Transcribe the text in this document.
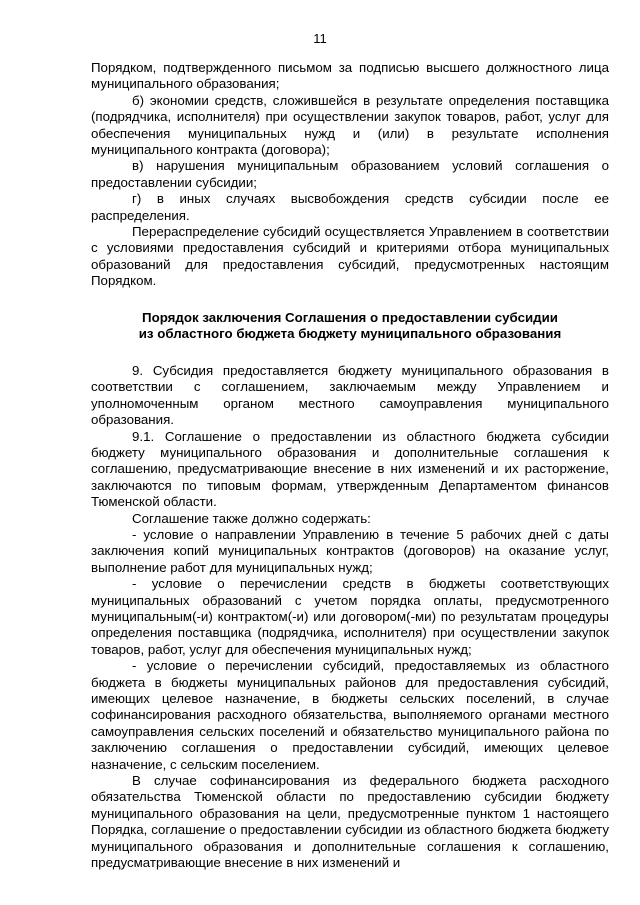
11

Порядком, подтвержденного письмом за подписью высшего должностного лица муниципального образования;

б) экономии средств, сложившейся в результате определения поставщика (подрядчика, исполнителя) при осуществлении закупок товаров, работ, услуг для обеспечения муниципальных нужд и (или) в результате исполнения муниципального контракта (договора);

в) нарушения муниципальным образованием условий соглашения о предоставлении субсидии;

г) в иных случаях высвобождения средств субсидии после ее распределения.

Перераспределение субсидий осуществляется Управлением в соответствии с условиями предоставления субсидий и критериями отбора муниципальных образований для предоставления субсидий, предусмотренных настоящим Порядком.

Порядок заключения Соглашения о предоставлении субсидии
из областного бюджета бюджету муниципального образования

9. Субсидия предоставляется бюджету муниципального образования в соответствии с соглашением, заключаемым между Управлением и уполномоченным органом местного самоуправления муниципального образования.

9.1. Соглашение о предоставлении из областного бюджета субсидии бюджету муниципального образования и дополнительные соглашения к соглашению, предусматривающие внесение в них изменений и их расторжение, заключаются по типовым формам, утвержденным Департаментом финансов Тюменской области.

Соглашение также должно содержать:

- условие о направлении Управлению в течение 5 рабочих дней с даты заключения копий муниципальных контрактов (договоров) на оказание услуг, выполнение работ для муниципальных нужд;

- условие о перечислении средств в бюджеты соответствующих муниципальных образований с учетом порядка оплаты, предусмотренного муниципальным(-и) контрактом(-и) или договором(-ми) по результатам процедуры определения поставщика (подрядчика, исполнителя) при осуществлении закупок товаров, работ, услуг для обеспечения муниципальных нужд;

- условие о перечислении субсидий, предоставляемых из областного бюджета в бюджеты муниципальных районов для предоставления субсидий, имеющих целевое назначение, в бюджеты сельских поселений, в случае софинансирования расходного обязательства, выполняемого органами местного самоуправления сельских поселений и обязательство муниципального района по заключению соглашения о предоставлении субсидий, имеющих целевое назначение, с сельским поселением.

В случае софинансирования из федерального бюджета расходного обязательства Тюменской области по предоставлению субсидии бюджету муниципального образования на цели, предусмотренные пунктом 1 настоящего Порядка, соглашение о предоставлении субсидии из областного бюджета бюджету муниципального образования и дополнительные соглашения к соглашению, предусматривающие внесение в них изменений и
